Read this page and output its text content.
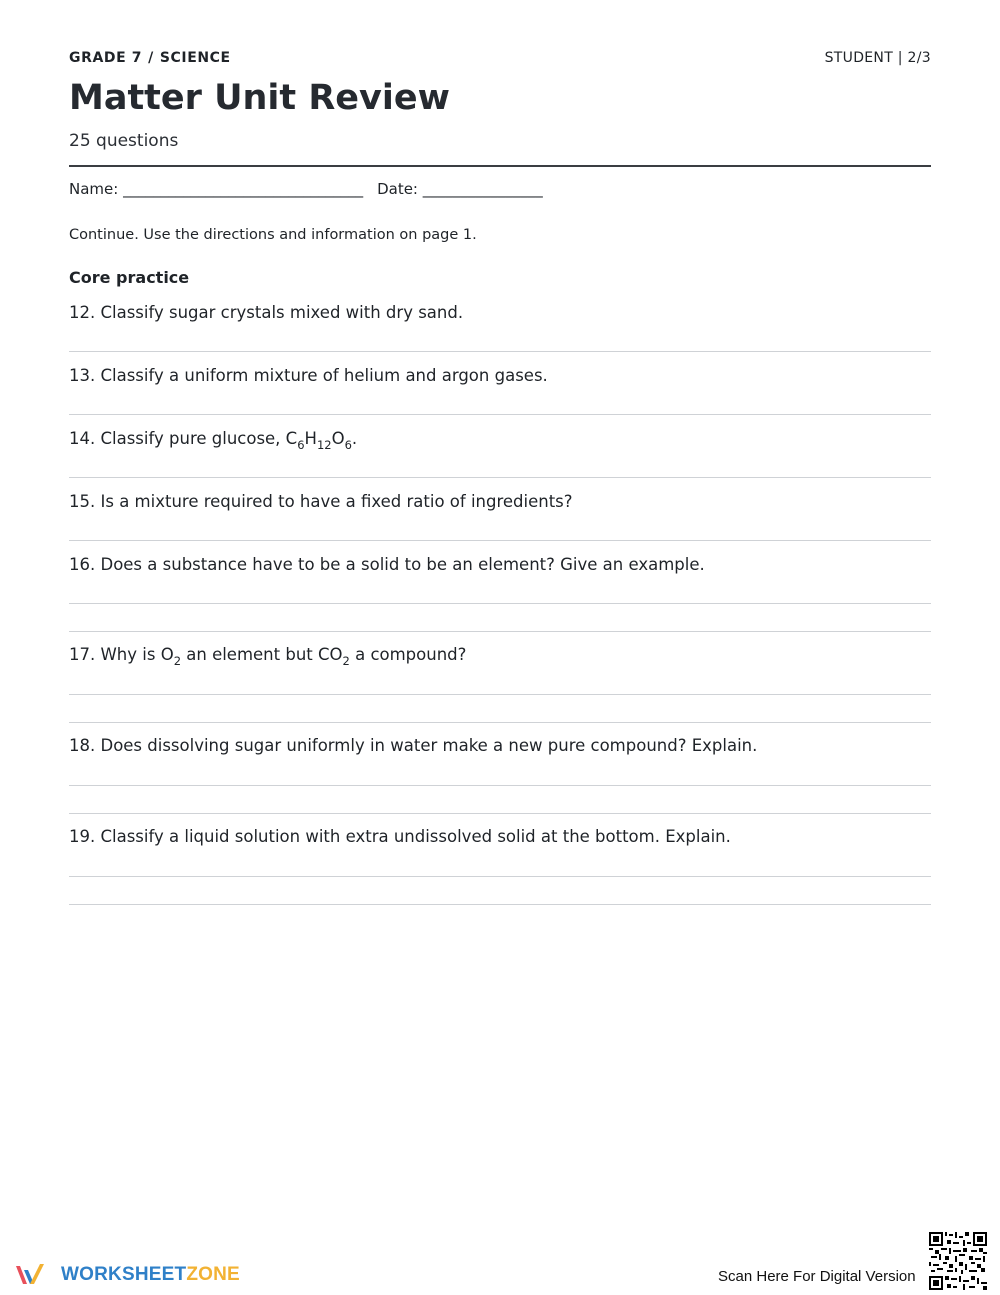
GRADE 7 / SCIENCE	STUDENT | 2/3
Matter Unit Review
25 questions
Name: ________________________________ Date: ________________
Continue. Use the directions and information on page 1.
Core practice
12. Classify sugar crystals mixed with dry sand.
13. Classify a uniform mixture of helium and argon gases.
14. Classify pure glucose, $C_6H_{12}O_6$.
15. Is a mixture required to have a fixed ratio of ingredients?
16. Does a substance have to be a solid to be an element? Give an example.
17. Why is $O_2$ an element but $CO_2$ a compound?
18. Does dissolving sugar uniformly in water make a new pure compound? Explain.
19. Classify a liquid solution with extra undissolved solid at the bottom. Explain.
WORKSHEETZONE	Scan Here For Digital Version
